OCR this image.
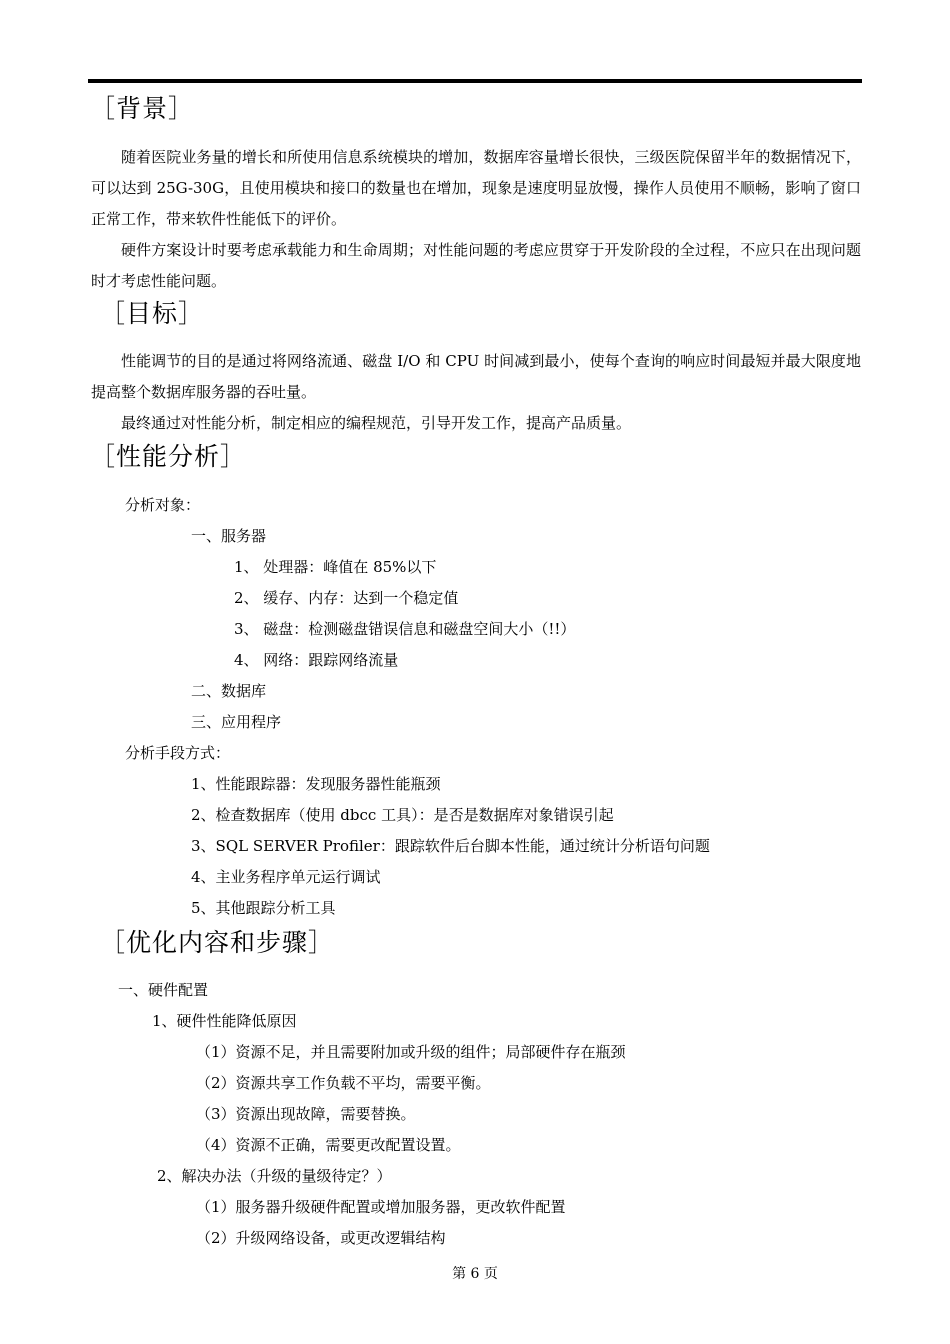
［背景］
随着医院业务量的增长和所使用信息系统模块的增加，数据库容量增长很快，三级医院保留半年的数据情况下，可以达到 25G-30G，且使用模块和接口的数量也在增加，现象是速度明显放慢，操作人员使用不顺畅，影响了窗口正常工作，带来软件性能低下的评价。
硬件方案设计时要考虑承载能力和生命周期；对性能问题的考虑应贯穿于开发阶段的全过程，不应只在出现问题时才考虑性能问题。
［目标］
性能调节的目的是通过将网络流通、磁盘 I/O 和 CPU 时间减到最小，使每个查询的响应时间最短并最大限度地提高整个数据库服务器的吞吐量。
最终通过对性能分析，制定相应的编程规范，引导开发工作，提高产品质量。
［性能分析］
分析对象：
一、服务器
1、 处理器：峰值在 85%以下
2、 缓存、内存：达到一个稳定值
3、 磁盘：检测磁盘错误信息和磁盘空间大小（!!）
4、 网络：跟踪网络流量
二、数据库
三、应用程序
分析手段方式：
1、性能跟踪器：发现服务器性能瓶颈
2、检查数据库（使用 dbcc 工具）：是否是数据库对象错误引起
3、SQL SERVER Profiler：跟踪软件后台脚本性能，通过统计分析语句问题
4、主业务程序单元运行调试
5、其他跟踪分析工具
［优化内容和步骤］
一、硬件配置
1、硬件性能降低原因
（1）资源不足，并且需要附加或升级的组件；局部硬件存在瓶颈
（2）资源共享工作负载不平均，需要平衡。
（3）资源出现故障，需要替换。
（4）资源不正确，需要更改配置设置。
2、解决办法（升级的量级待定？）
（1）服务器升级硬件配置或增加服务器，更改软件配置
（2）升级网络设备，或更改逻辑结构
第 6 页
